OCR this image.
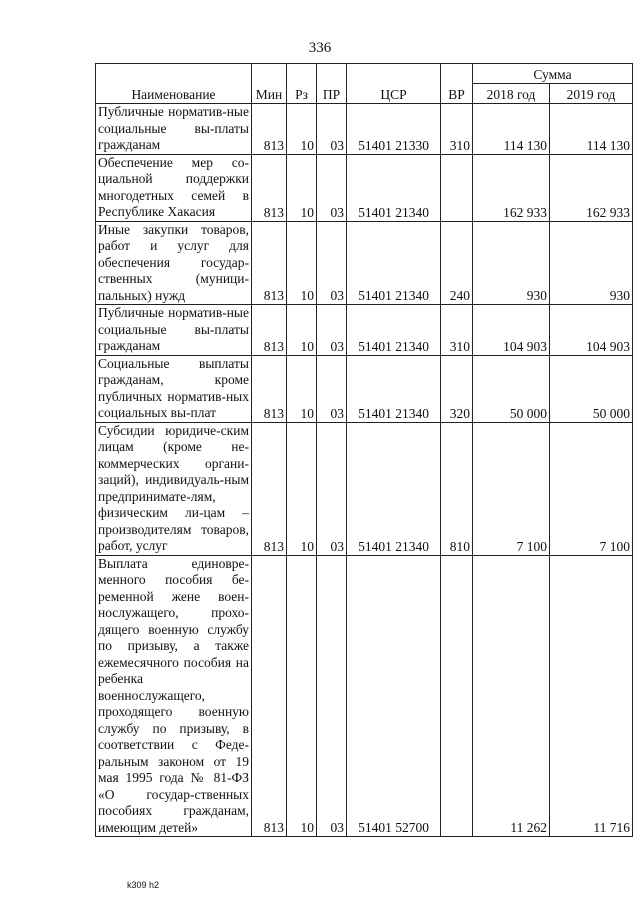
336
Наименование	Мин	Рз	ПР	ЦСР	ВР	Сумма	
						2018 год	2019 год
Публичные норматив-ные социальные вы-платы гражданам	813	10	03	51401 21330	310	114 130	114 130
Обеспечение мер со-циальной поддержки многодетных семей в Республике Хакасия	813	10	03	51401 21340		162 933	162 933
Иные закупки товаров, работ и услуг для обеспечения государ-ственных (муници-пальных) нужд	813	10	03	51401 21340	240	930	930
Публичные норматив-ные социальные вы-платы гражданам	813	10	03	51401 21340	310	104 903	104 903
Социальные выплаты гражданам, кроме публичных норматив-ных социальных вы-плат	813	10	03	51401 21340	320	50 000	50 000
Субсидии юридиче-ским лицам (кроме не-коммерческих органи-заций), индивидуаль-ным предпринимате-лям, физическим ли-цам – производителям товаров, работ, услуг	813	10	03	51401 21340	810	7 100	7 100
Выплата единовре-менного пособия бе-ременной жене воен-нослужащего, прохо-дящего военную службу по призыву, а также ежемесячного пособия на ребенка военнослужащего, проходящего военную службу по призыву, в соответствии с Феде-ральным законом от 19 мая 1995 года № 81-ФЗ «О государ-ственных пособиях гражданам, имеющим детей»	813	10	03	51401 52700		11 262	11 716
k309 h2
